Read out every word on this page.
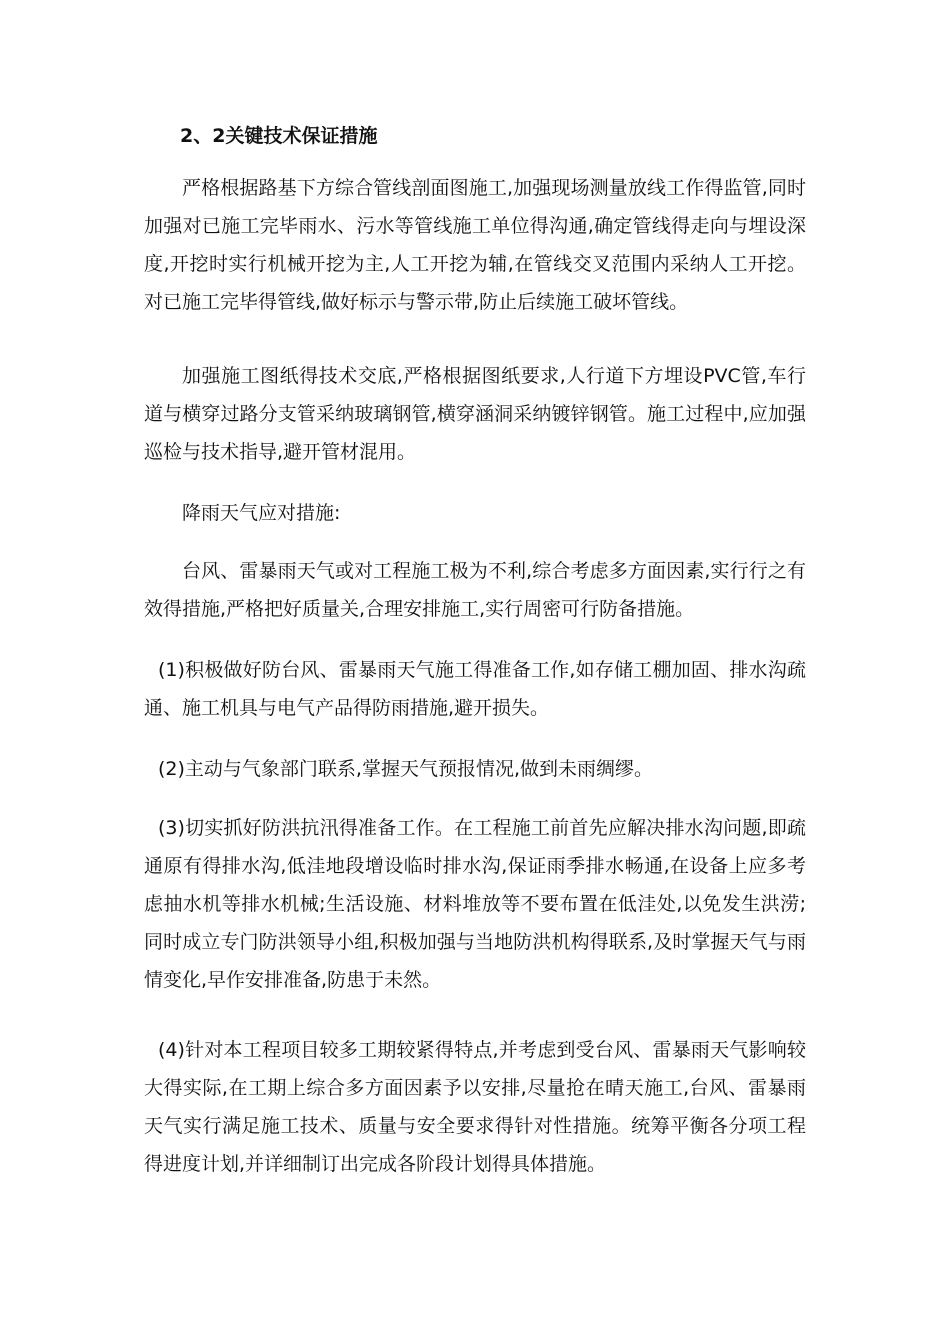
2、2关键技术保证措施

严格根据路基下方综合管线剖面图施工,加强现场测量放线工作得监管,同时加强对已施工完毕雨水、污水等管线施工单位得沟通,确定管线得走向与埋设深度,开挖时实行机械开挖为主,人工开挖为辅,在管线交叉范围内采纳人工开挖。对已施工完毕得管线,做好标示与警示带,防止后续施工破坏管线。

加强施工图纸得技术交底,严格根据图纸要求,人行道下方埋设PVC管,车行道与横穿过路分支管采纳玻璃钢管,横穿涵洞采纳镀锌钢管。施工过程中,应加强巡检与技术指导,避开管材混用。

降雨天气应对措施:

台风、雷暴雨天气或对工程施工极为不利,综合考虑多方面因素,实行行之有效得措施,严格把好质量关,合理安排施工,实行周密可行防备措施。

(1)积极做好防台风、雷暴雨天气施工得准备工作,如存储工棚加固、排水沟疏通、施工机具与电气产品得防雨措施,避开损失。

(2)主动与气象部门联系,掌握天气预报情况,做到未雨绸缪。

(3)切实抓好防洪抗汛得准备工作。在工程施工前首先应解决排水沟问题,即疏通原有得排水沟,低洼地段增设临时排水沟,保证雨季排水畅通,在设备上应多考虑抽水机等排水机械;生活设施、材料堆放等不要布置在低洼处,以免发生洪涝;同时成立专门防洪领导小组,积极加强与当地防洪机构得联系,及时掌握天气与雨情变化,早作安排准备,防患于未然。

(4)针对本工程项目较多工期较紧得特点,并考虑到受台风、雷暴雨天气影响较大得实际,在工期上综合多方面因素予以安排,尽量抢在晴天施工,台风、雷暴雨天气实行满足施工技术、质量与安全要求得针对性措施。统筹平衡各分项工程得进度计划,并详细制订出完成各阶段计划得具体措施。
